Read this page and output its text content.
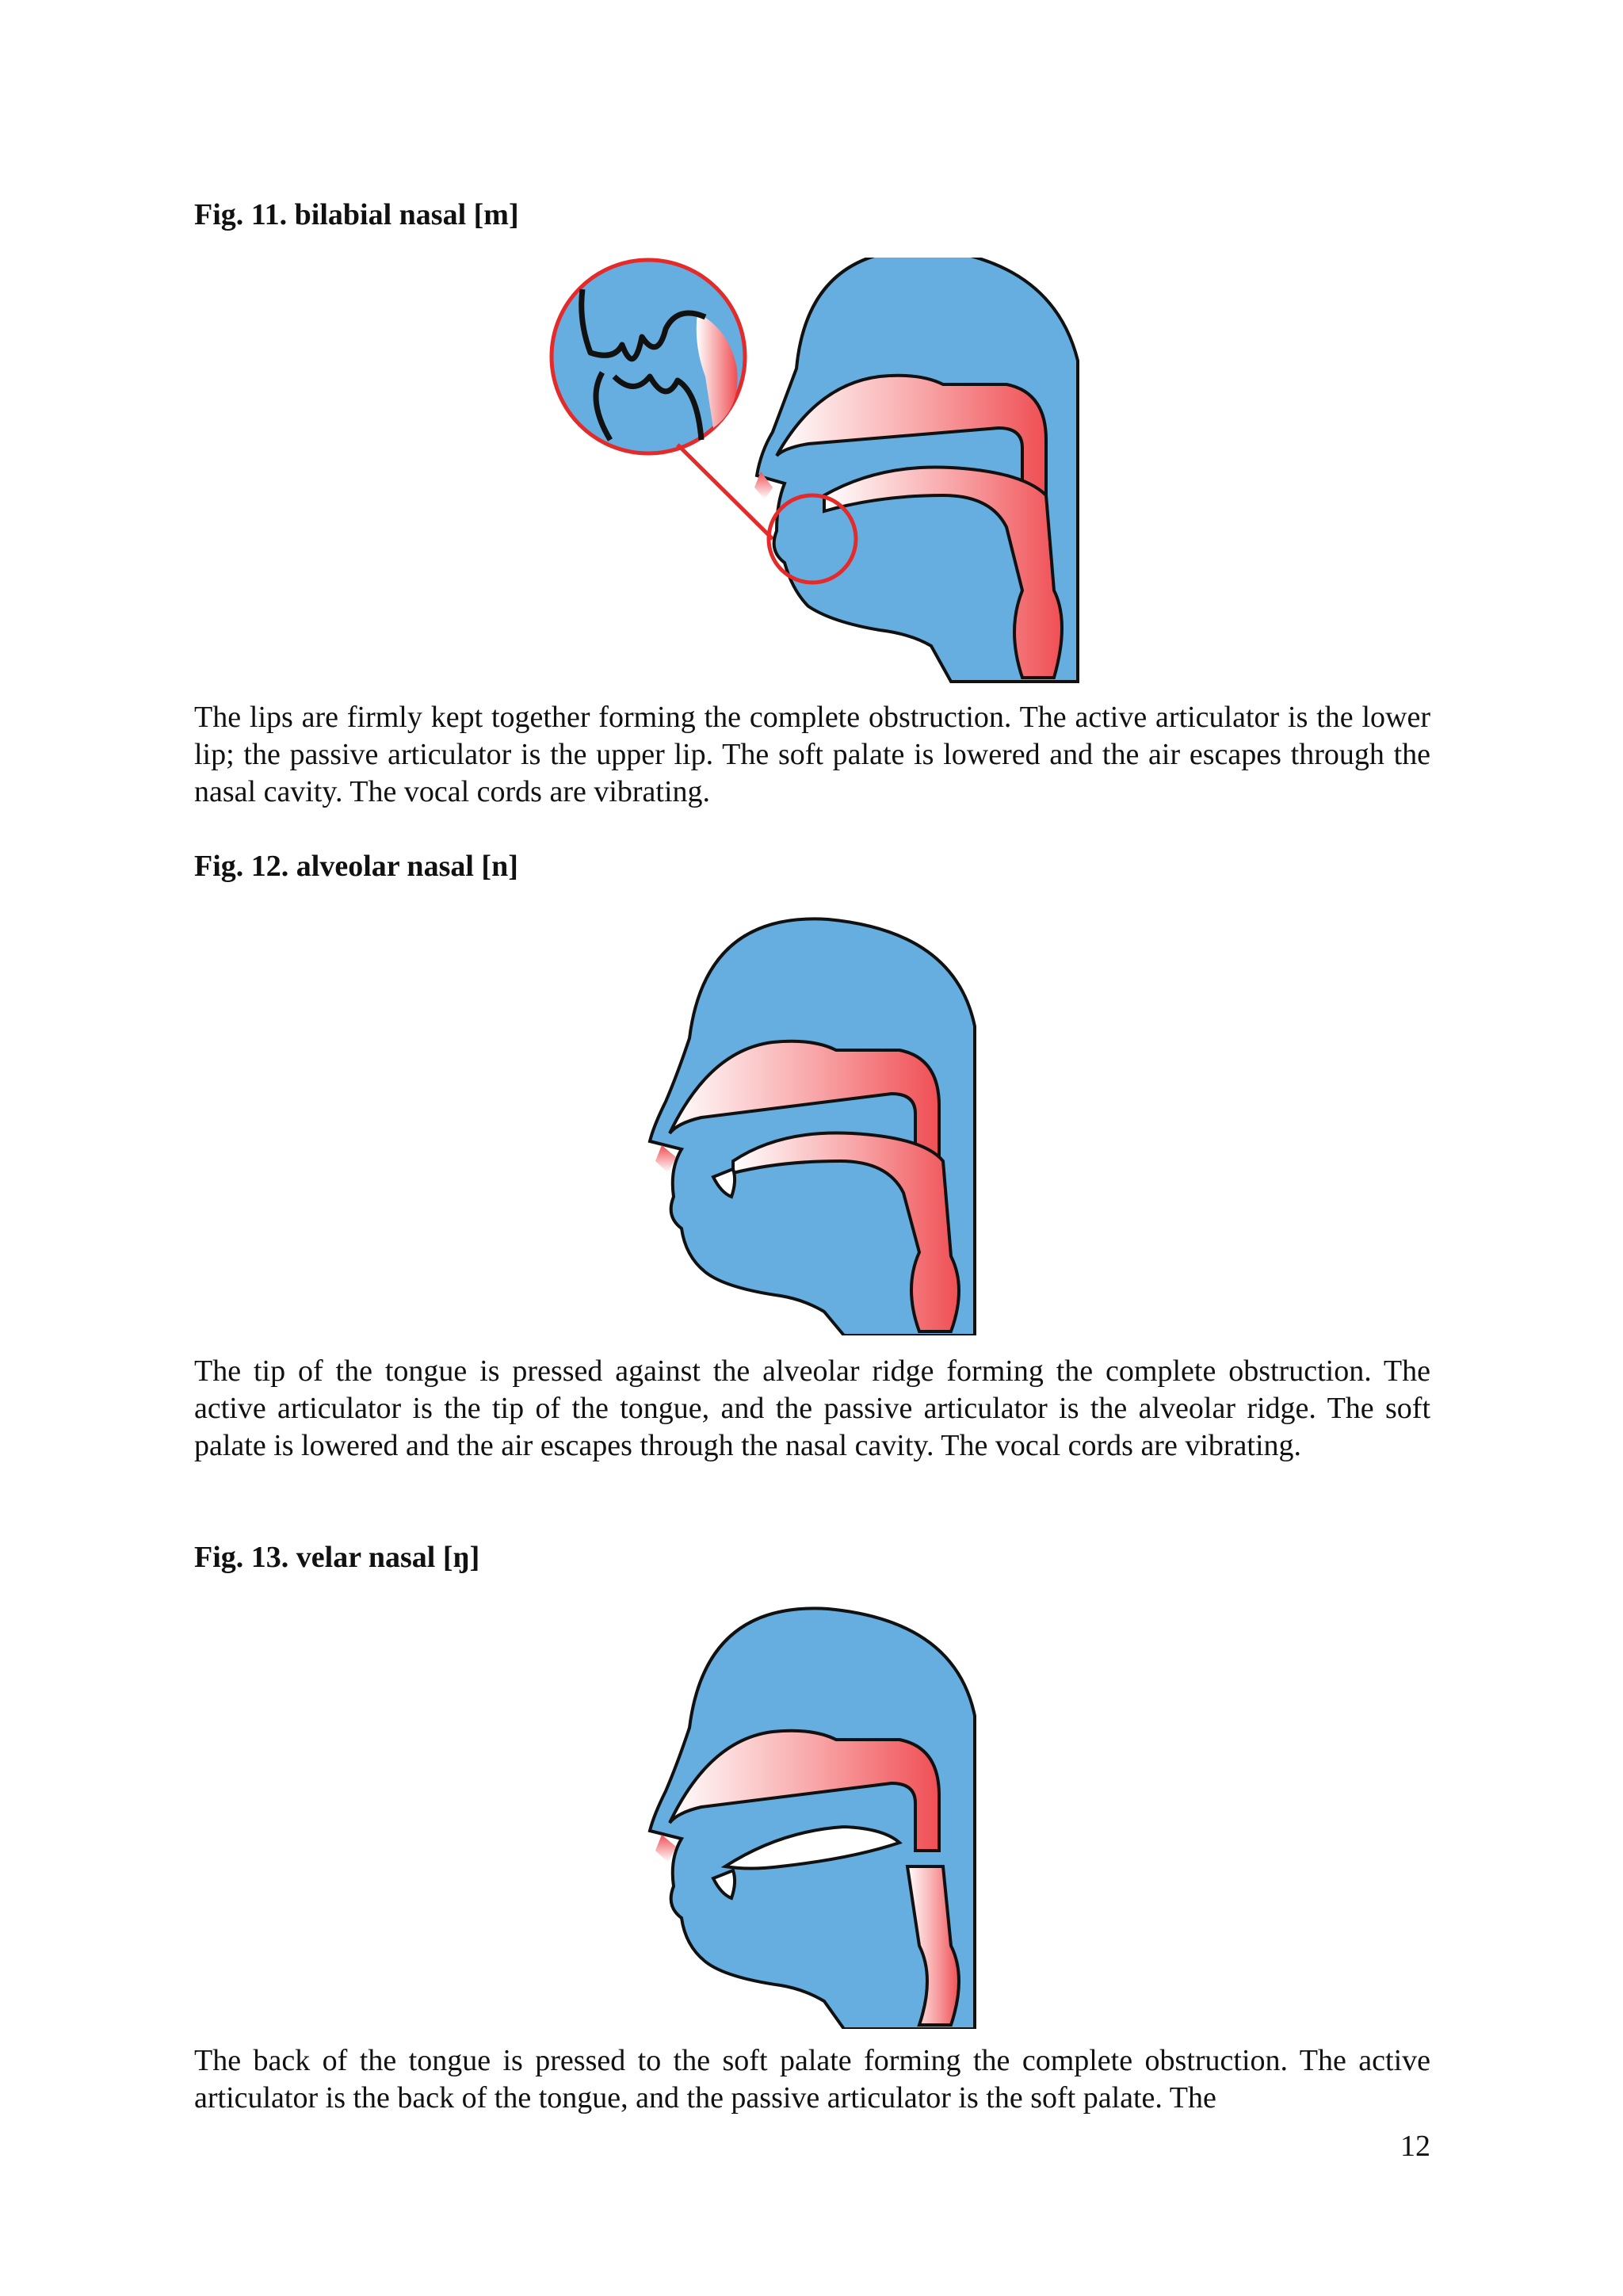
Fig. 11. bilabial nasal [m]
The lips are firmly kept together forming the complete obstruction. The active articulator is the lower lip; the passive articulator is the upper lip. The soft palate is lowered and the air escapes through the nasal cavity. The vocal cords are vibrating.
Fig. 12. alveolar nasal [n]
The tip of the tongue is pressed against the alveolar ridge forming the complete obstruction. The active articulator is the tip of the tongue, and the passive articulator is the alveolar ridge. The soft palate is lowered and the air escapes through the nasal cavity. The vocal cords are vibrating.
Fig. 13. velar nasal [ŋ]
The back of the tongue is pressed to the soft palate forming the complete obstruction. The active articulator is the back of the tongue, and the passive articulator is the soft palate. The
12
